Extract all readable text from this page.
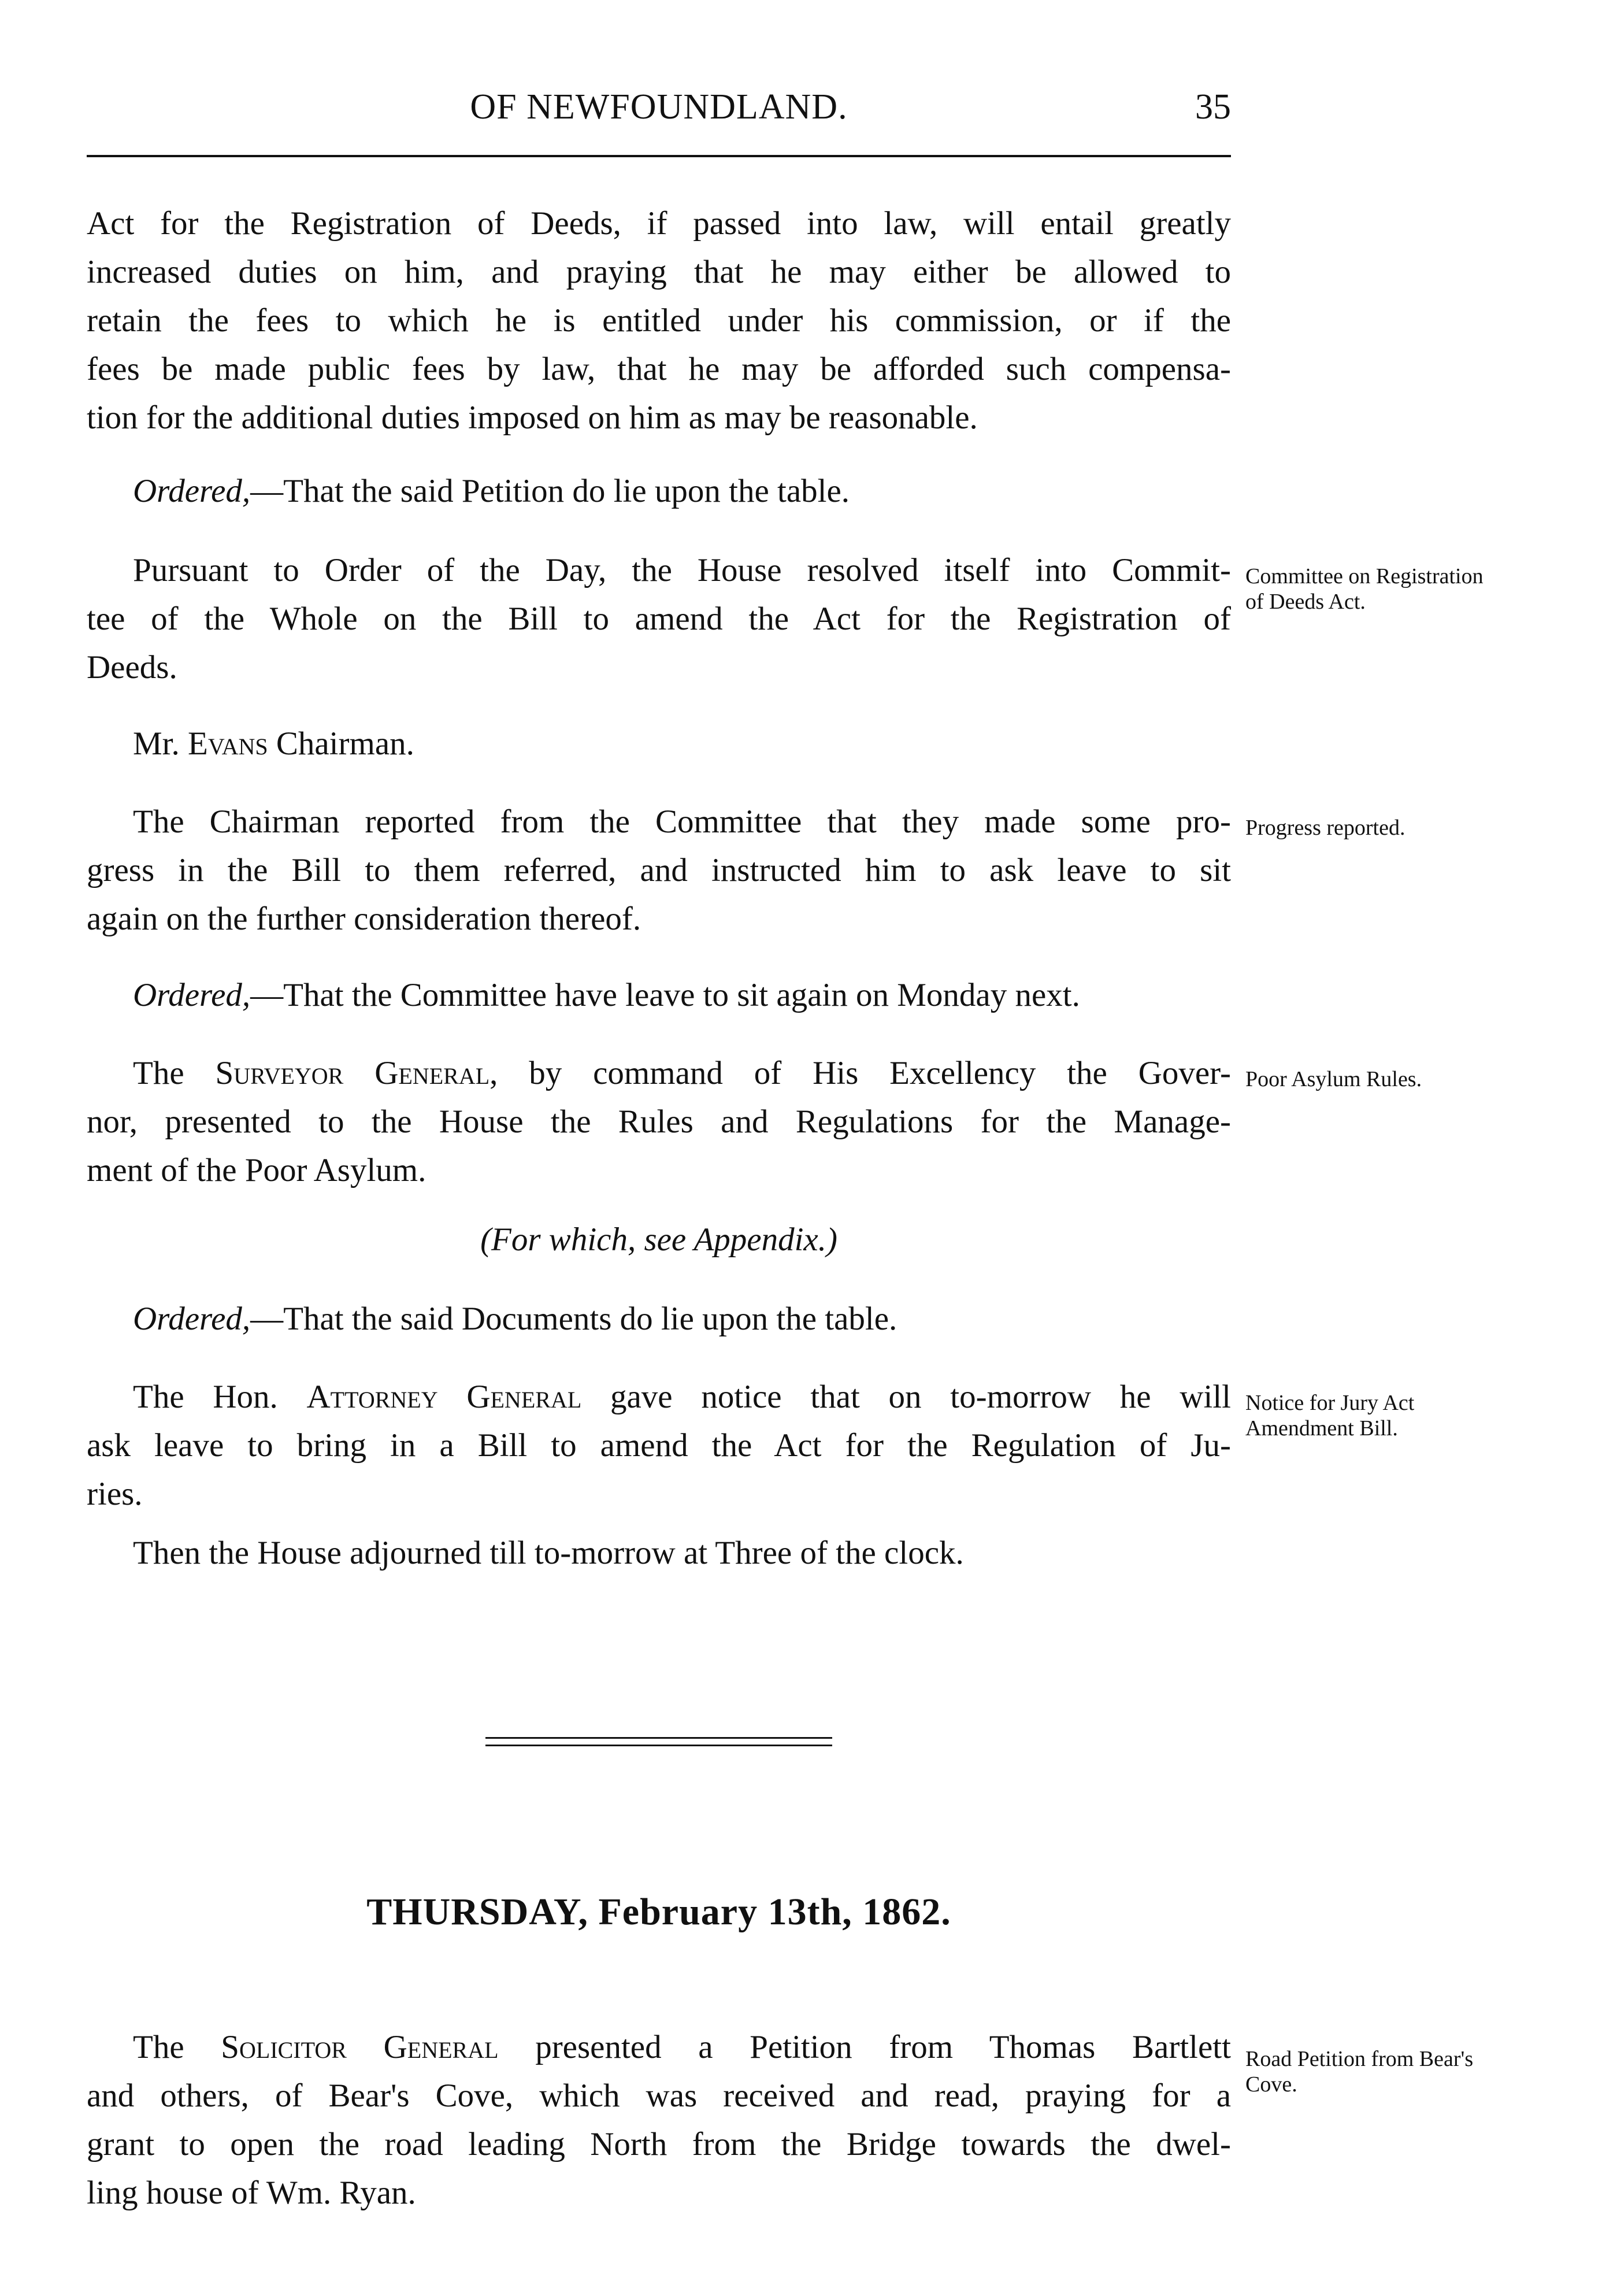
OF NEWFOUNDLAND.	35
Act for the Registration of Deeds, if passed into law, will entail greatly
increased duties on him, and praying that he may either be allowed to
retain the fees to which he is entitled under his commission, or if the
fees be made public fees by law, that he may be afforded such compensa-
tion for the additional duties imposed on him as may be reasonable.
Ordered,—That the said Petition do lie upon the table.
Pursuant to Order of the Day, the House resolved itself into Commit-
tee of the Whole on the Bill to amend the Act for the Registration of
Deeds.
Committee on Registration
of Deeds Act.
Mr. Evans Chairman.
The Chairman reported from the Committee that they made some pro-
gress in the Bill to them referred, and instructed him to ask leave to sit
again on the further consideration thereof.
Progress reported.
Ordered,—That the Committee have leave to sit again on Monday next.
The Surveyor General, by command of His Excellency the Gover-
nor, presented to the House the Rules and Regulations for the Manage-
ment of the Poor Asylum.
Poor Asylum Rules.
(For which, see Appendix.)
Ordered,—That the said Documents do lie upon the table.
The Hon. Attorney General gave notice that on to-morrow he will
ask leave to bring in a Bill to amend the Act for the Regulation of Ju-
ries.
Notice for Jury Act
Amendment Bill.
Then the House adjourned till to-morrow at Three of the clock.
THURSDAY, February 13th, 1862.
The Solicitor General presented a Petition from Thomas Bartlett
and others, of Bear's Cove, which was received and read, praying for a
grant to open the road leading North from the Bridge towards the dwel-
ling house of Wm. Ryan.
Road Petition from Bear's
Cove.
